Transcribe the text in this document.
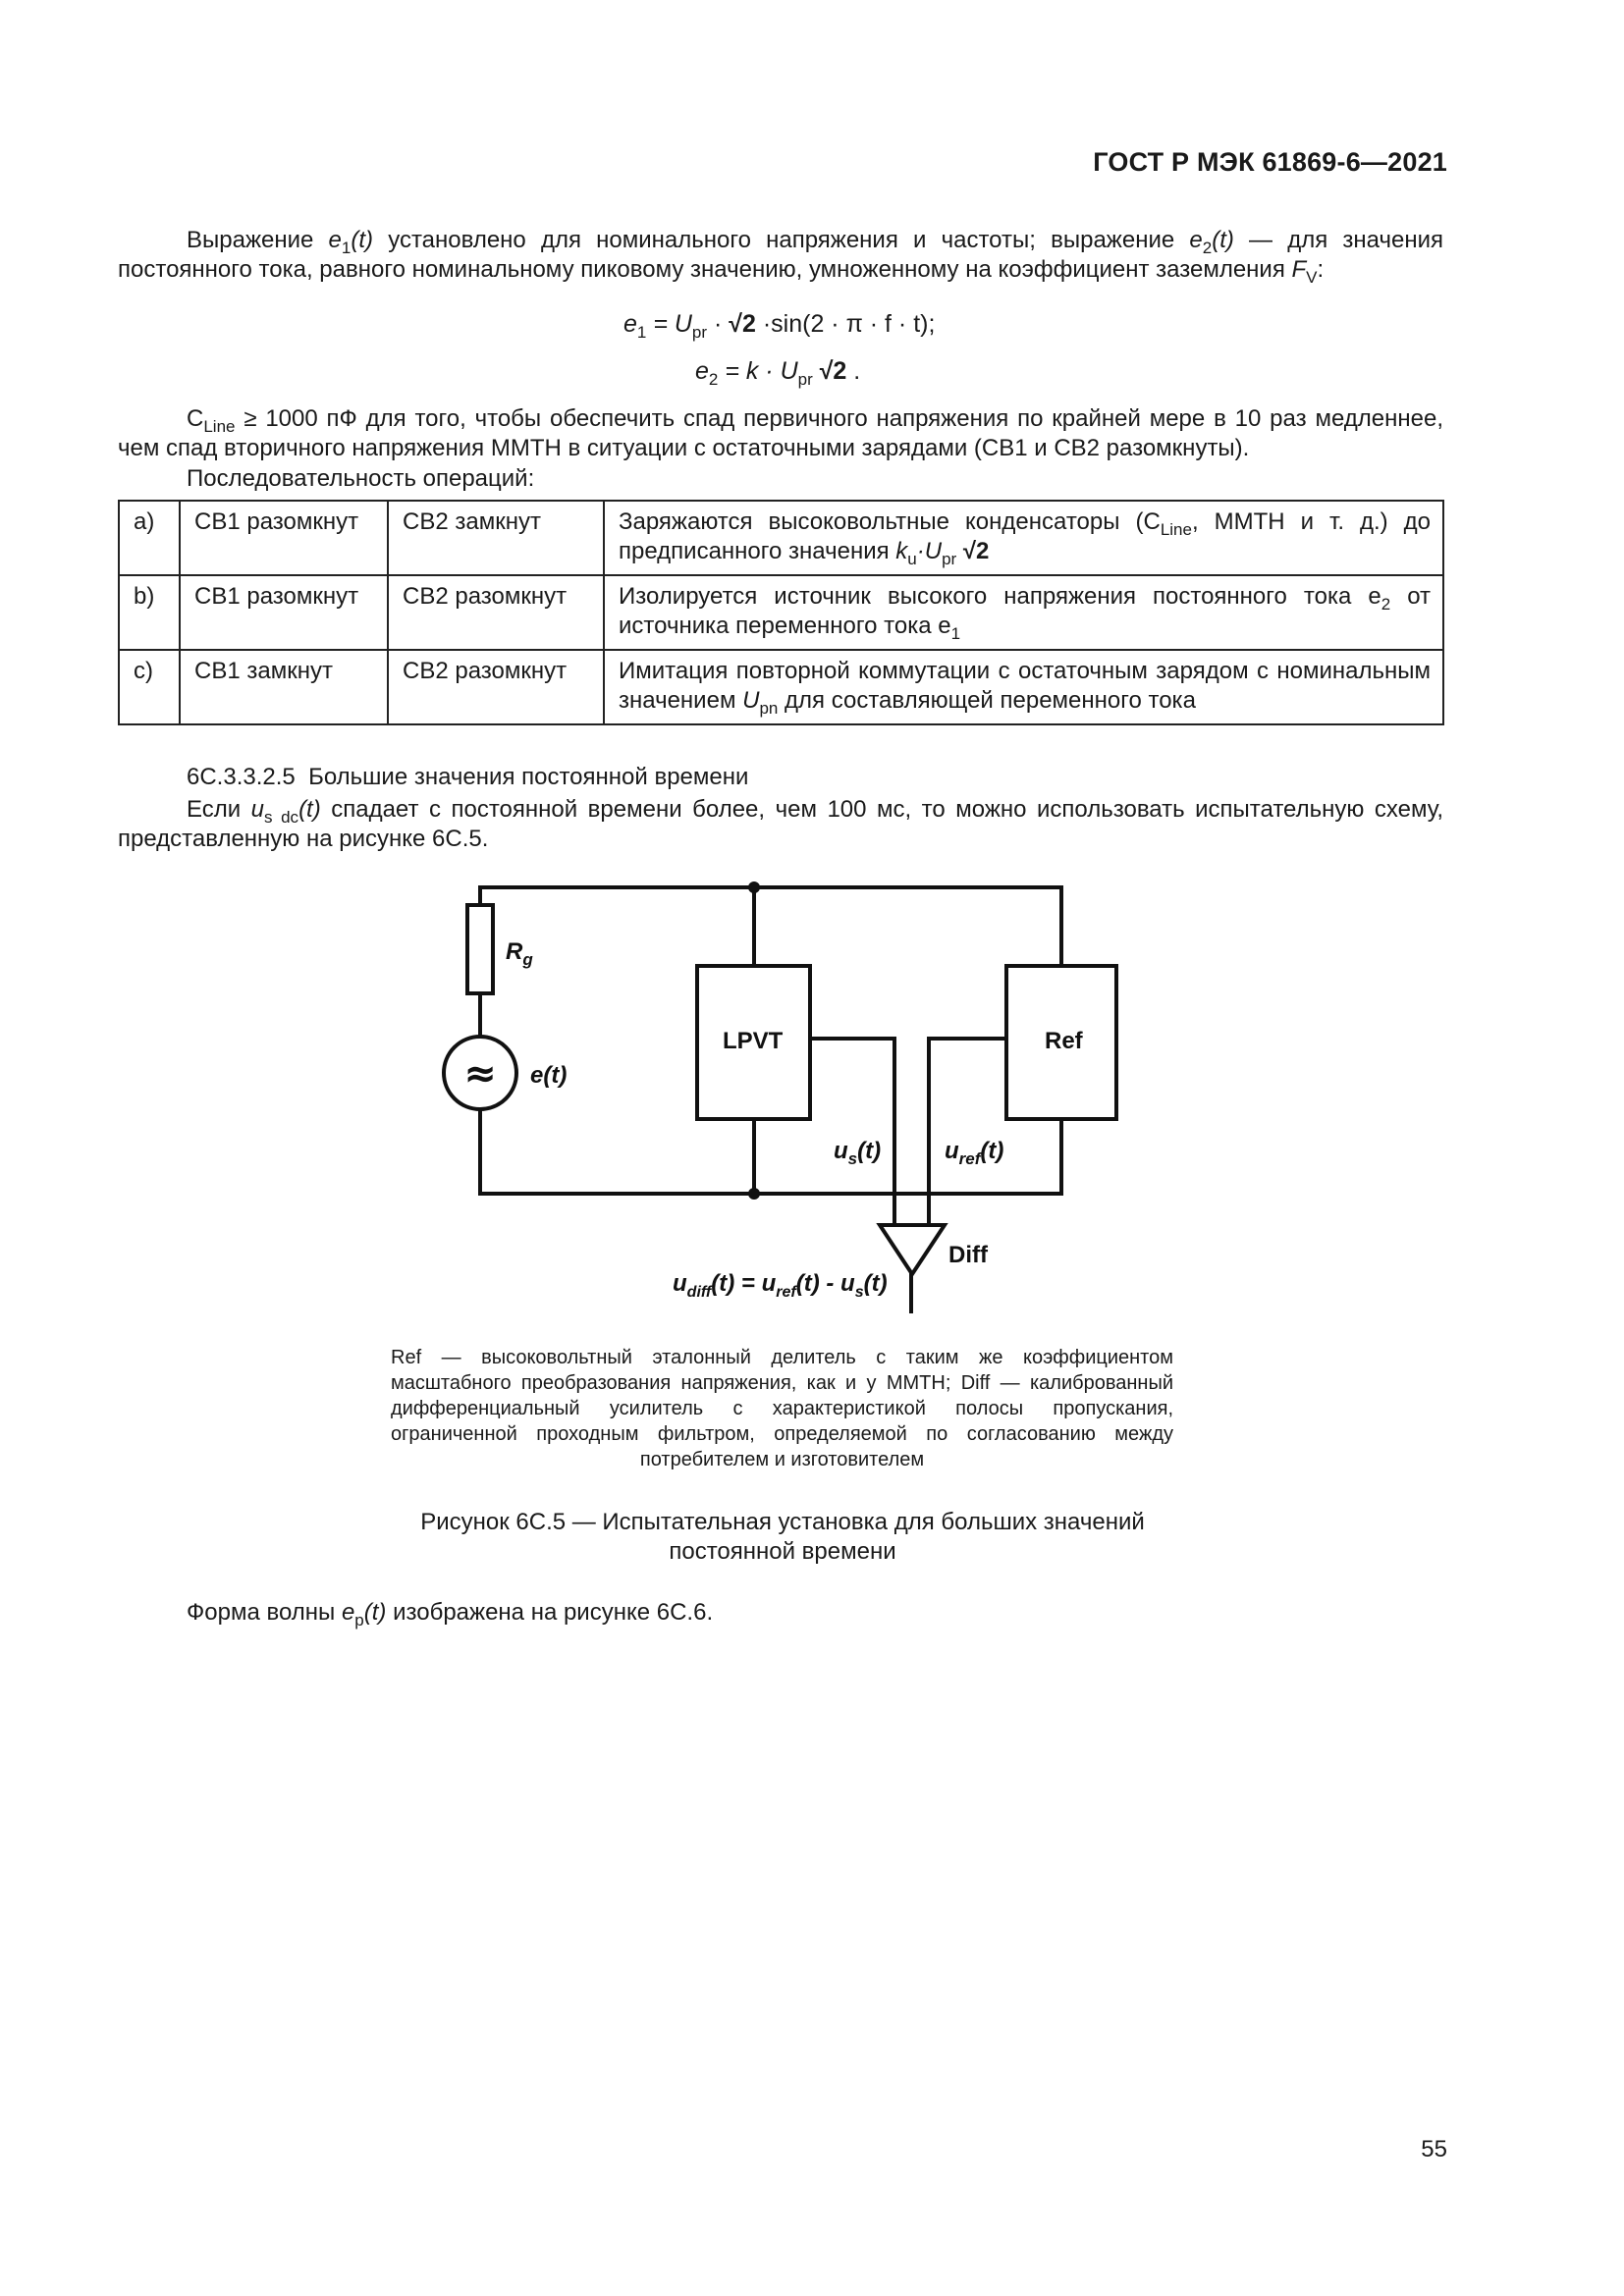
ГОСТ Р МЭК 61869-6—2021

Выражение $e_1(t)$ установлено для номинального напряжения и частоты; выражение $e_2(t)$ — для значения постоянного тока, равного номинальному пиковому значению, умноженному на коэффициент заземления $F_V$:

$e_1 = U_{pr} \cdot √2 \cdot\sin(2 \cdot \pi \cdot f \cdot t)$;
$e_2 = k \cdot U_{pr}$ √2 .

$C_{Line} \ge 1000$ пФ для того, чтобы обеспечить спад первичного напряжения по крайней мере в 10 раз медленнее, чем спад вторичного напряжения ММТН в ситуации с остаточными зарядами (СВ1 и СВ2 разомкнуты).

Последовательность операций:
a)	СВ1 разомкнут	СВ2 замкнут	Заряжаются высоковольтные конденсаторы ($C_{Line}$, ММТН и т. д.) до предписанного значения $k_u\cdot U_{pr}$ √2
b)	СВ1 разомкнут	СВ2 разомкнут	Изолируется источник высокого напряжения постоянного тока $e_2$ от источника переменного тока $e_1$
c)	СВ1 замкнут	СВ2 разомкнут	Имитация повторной коммутации с остаточным зарядом с номинальным значением $U_{pn}$ для составляющей переменного тока
6С.3.3.2.5 Большие значения постоянной времени

Если $u_{s dc}(t)$ спадает с постоянной времени более, чем 100 мс, то можно использовать испытательную схему, представленную на рисунке 6С.5.

≈
LPVT	Ref
$R_g$
e(t)
$u_s(t)$	$u_{ref}(t)$
Diff
$u_{diff}(t) = u_{ref}(t) - u_s(t)$
Ref — высоковольтный эталонный делитель с таким же коэффициентом масштабного преобразования напряжения, как и у ММТН; Diff — калиброванный дифференциальный усилитель с характеристикой полосы пропускания, ограниченной проходным фильтром, определяемой по согласованию между потребителем и изготовителем
Рисунок 6С.5 — Испытательная установка для больших значений постоянной времени
Форма волны $e_p(t)$ изображена на рисунке 6С.6.
55
